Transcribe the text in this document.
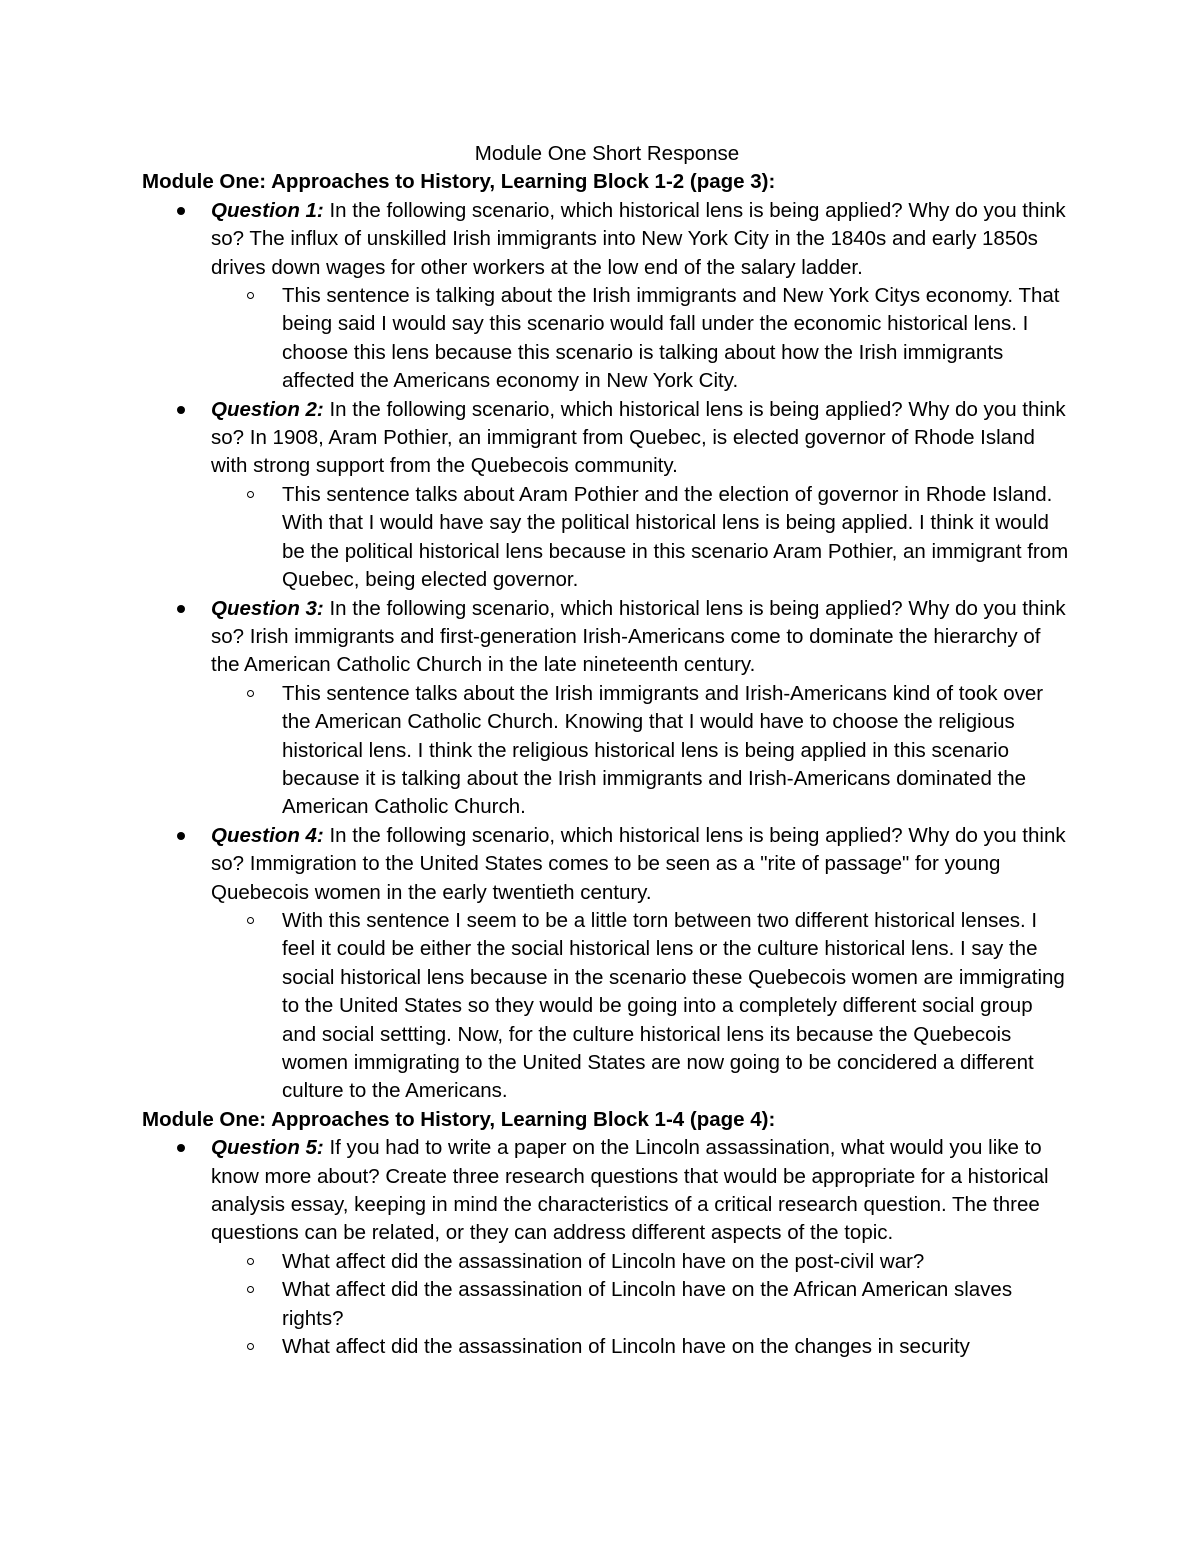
Module One Short Response

Module One: Approaches to History, Learning Block 1-2 (page 3):

Question 1: In the following scenario, which historical lens is being applied? Why do you think so? The influx of unskilled Irish immigrants into New York City in the 1840s and early 1850s drives down wages for other workers at the low end of the salary ladder.
This sentence is talking about the Irish immigrants and New York Citys economy. That being said I would say this scenario would fall under the economic historical lens. I choose this lens because this scenario is talking about how the Irish immigrants affected the Americans economy in New York City.
Question 2: In the following scenario, which historical lens is being applied? Why do you think so? In 1908, Aram Pothier, an immigrant from Quebec, is elected governor of Rhode Island with strong support from the Quebecois community.
This sentence talks about Aram Pothier and the election of governor in Rhode Island. With that I would have say the political historical lens is being applied. I think it would be the political historical lens because in this scenario Aram Pothier, an immigrant from Quebec, being elected governor.
Question 3: In the following scenario, which historical lens is being applied? Why do you think so? Irish immigrants and first-generation Irish-Americans come to dominate the hierarchy of the American Catholic Church in the late nineteenth century.
This sentence talks about the Irish immigrants and Irish-Americans kind of took over the American Catholic Church. Knowing that I would have to choose the religious historical lens. I think the religious historical lens is being applied in this scenario because it is talking about the Irish immigrants and Irish-Americans dominated the American Catholic Church.
Question 4: In the following scenario, which historical lens is being applied? Why do you think so? Immigration to the United States comes to be seen as a "rite of passage" for young Quebecois women in the early twentieth century.
With this sentence I seem to be a little torn between two different historical lenses. I feel it could be either the social historical lens or the culture historical lens. I say the social historical lens because in the scenario these Quebecois women are immigrating to the United States so they would be going into a completely different social group and social settting. Now, for the culture historical lens its because the Quebecois women immigrating to the United States are now going to be concidered a different culture to the Americans.

Module One: Approaches to History, Learning Block 1-4 (page 4):

Question 5: If you had to write a paper on the Lincoln assassination, what would you like to know more about? Create three research questions that would be appropriate for a historical analysis essay, keeping in mind the characteristics of a critical research question. The three questions can be related, or they can address different aspects of the topic.
What affect did the assassination of Lincoln have on the post-civil war?
What affect did the assassination of Lincoln have on the African American slaves rights?
What affect did the assassination of Lincoln have on the changes in security
